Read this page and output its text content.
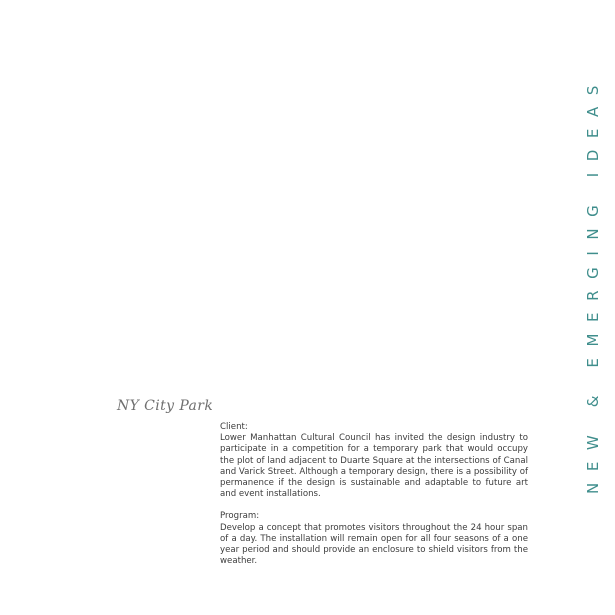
NEW & EMERGING IDEAS
NY City Park
Client:

Lower Manhattan Cultural Council has invited the design industry to participate in a competition for a temporary park that would occupy the plot of land adjacent to Duarte Square at the intersections of Canal and Varick Street. Although a temporary design, there is a possibility of permanence if the design is sustainable and adaptable to future art and event installations.

Program:

Develop a concept that promotes visitors throughout the 24 hour span of a day. The installation will remain open for all four seasons of a one year period and should provide an enclosure to shield visitors from the weather.
